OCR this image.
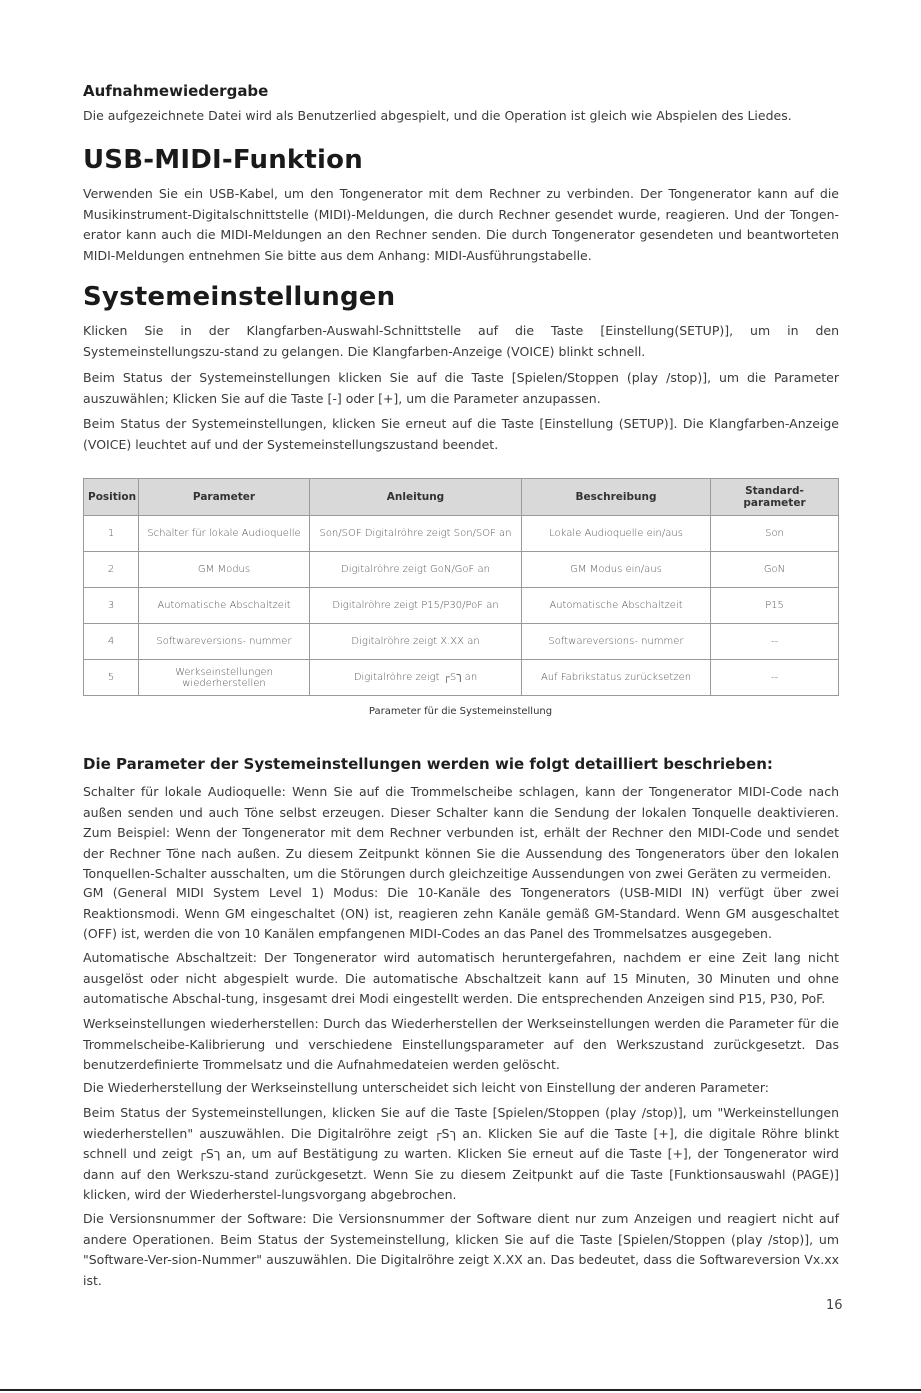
Aufnahmewiedergabe

Die aufgezeichnete Datei wird als Benutzerlied abgespielt, und die Operation ist gleich wie Abspielen des Liedes.

USB-MIDI-Funktion

Verwenden Sie ein USB-Kabel, um den Tongenerator mit dem Rechner zu verbinden. Der Tongenerator kann auf die Musikinstrument-Digitalschnittstelle (MIDI)-Meldungen, die durch Rechner gesendet wurde, reagieren. Und der Tongen-erator kann auch die MIDI-Meldungen an den Rechner senden. Die durch Tongenerator gesendeten und beantworteten MIDI-Meldungen entnehmen Sie bitte aus dem Anhang: MIDI-Ausführungstabelle.

Systemeinstellungen

Klicken Sie in der Klangfarben-Auswahl-Schnittstelle auf die Taste [Einstellung(SETUP)], um in den Systemeinstellungszu-stand zu gelangen. Die Klangfarben-Anzeige (VOICE) blinkt schnell.

Beim Status der Systemeinstellungen klicken Sie auf die Taste [Spielen/Stoppen (play /stop)], um die Parameter auszuwählen; Klicken Sie auf die Taste [-] oder [+], um die Parameter anzupassen.

Beim Status der Systemeinstellungen, klicken Sie erneut auf die Taste [Einstellung (SETUP)]. Die Klangfarben-Anzeige (VOICE) leuchtet auf und der Systemeinstellungszustand beendet.

Position	Parameter	Anleitung	Beschreibung	Standard-parameter
1	Schalter für lokale Audioquelle	Son/SOF Digitalröhre zeigt Son/SOF an	Lokale Audioquelle ein/aus	Son
2	GM Modus	Digitalröhre zeigt GoN/GoF an	GM Modus ein/aus	GoN
3	Automatische Abschaltzeit	Digitalröhre zeigt P15/P30/PoF an	Automatische Abschaltzeit	P15
4	Softwareversions- nummer	Digitalröhre zeigt X.XX an	Softwareversions- nummer	--
5	Werkseinstellungen wiederherstellen	Digitalröhre zeigt ┌Sך an	Auf Fabrikstatus zurücksetzen	--
Parameter für die Systemeinstellung
Die Parameter der Systemeinstellungen werden wie folgt detailliert beschrieben:

Schalter für lokale Audioquelle: Wenn Sie auf die Trommelscheibe schlagen, kann der Tongenerator MIDI-Code nach außen senden und auch Töne selbst erzeugen. Dieser Schalter kann die Sendung der lokalen Tonquelle deaktivieren. Zum Beispiel: Wenn der Tongenerator mit dem Rechner verbunden ist, erhält der Rechner den MIDI-Code und sendet der Rechner Töne nach außen. Zu diesem Zeitpunkt können Sie die Aussendung des Tongenerators über den lokalen Tonquellen-Schalter ausschalten, um die Störungen durch gleichzeitige Aussendungen von zwei Geräten zu vermeiden.

GM (General MIDI System Level 1) Modus: Die 10-Kanäle des Tongenerators (USB-MIDI IN) verfügt über zwei Reaktionsmodi. Wenn GM eingeschaltet (ON) ist, reagieren zehn Kanäle gemäß GM-Standard. Wenn GM ausgeschaltet (OFF) ist, werden die von 10 Kanälen empfangenen MIDI-Codes an das Panel des Trommelsatzes ausgegeben.

Automatische Abschaltzeit: Der Tongenerator wird automatisch heruntergefahren, nachdem er eine Zeit lang nicht ausgelöst oder nicht abgespielt wurde. Die automatische Abschaltzeit kann auf 15 Minuten, 30 Minuten und ohne automatische Abschal-tung, insgesamt drei Modi eingestellt werden. Die entsprechenden Anzeigen sind P15, P30, PoF.

Werkseinstellungen wiederherstellen: Durch das Wiederherstellen der Werkseinstellungen werden die Parameter für die Trommelscheibe-Kalibrierung und verschiedene Einstellungsparameter auf den Werkszustand zurückgesetzt. Das benutzerdefinierte Trommelsatz und die Aufnahmedateien werden gelöscht.

Die Wiederherstellung der Werkseinstellung unterscheidet sich leicht von Einstellung der anderen Parameter:

Beim Status der Systemeinstellungen, klicken Sie auf die Taste [Spielen/Stoppen (play /stop)], um "Werkeinstellungen wiederherstellen" auszuwählen. Die Digitalröhre zeigt ┌Sך an. Klicken Sie auf die Taste [+], die digitale Röhre blinkt schnell und zeigt ┌Sך an, um auf Bestätigung zu warten. Klicken Sie erneut auf die Taste [+], der Tongenerator wird dann auf den Werkszu-stand zurückgesetzt. Wenn Sie zu diesem Zeitpunkt auf die Taste [Funktionsauswahl (PAGE)] klicken, wird der Wiederherstel-lungsvorgang abgebrochen.

Die Versionsnummer der Software: Die Versionsnummer der Software dient nur zum Anzeigen und reagiert nicht auf andere Operationen. Beim Status der Systemeinstellung, klicken Sie auf die Taste [Spielen/Stoppen (play /stop)], um "Software-Ver-sion-Nummer" auszuwählen. Die Digitalröhre zeigt X.XX an. Das bedeutet, dass die Softwareversion Vx.xx ist.

16
